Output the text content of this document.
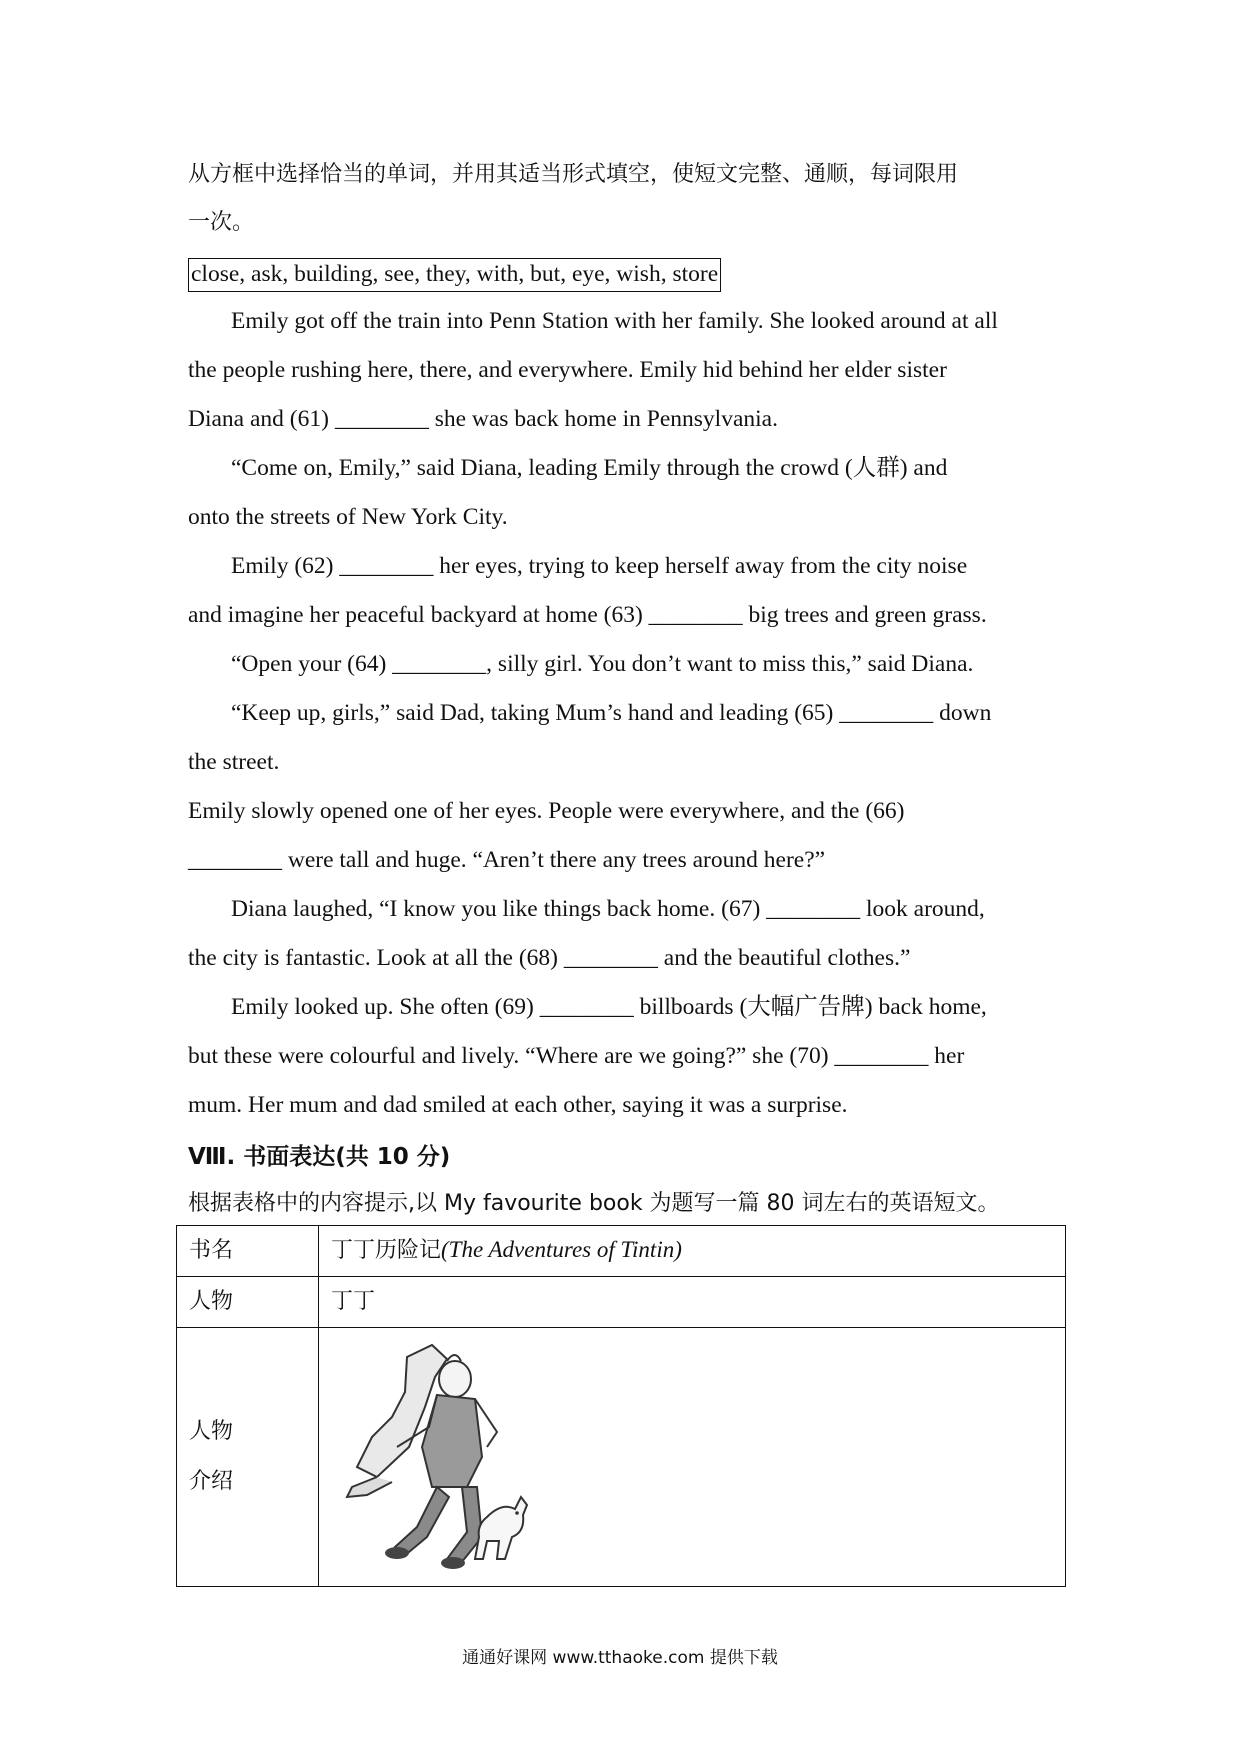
从方框中选择恰当的单词，并用其适当形式填空，使短文完整、通顺，每词限用
一次。
close, ask, building, see, they, with, but, eye, wish, store
Emily got off the train into Penn Station with her family. She looked around at all
the people rushing here, there, and everywhere. Emily hid behind her elder sister
Diana and (61) ________ she was back home in Pennsylvania.
“Come on, Emily,” said Diana, leading Emily through the crowd (人群) and
onto the streets of New York City.
Emily (62) ________ her eyes, trying to keep herself away from the city noise
and imagine her peaceful backyard at home (63) ________ big trees and green grass.
“Open your (64) ________, silly girl. You don’t want to miss this,” said Diana.
“Keep up, girls,” said Dad, taking Mum’s hand and leading (65) ________ down
the street.
Emily slowly opened one of her eyes. People were everywhere, and the (66)
________ were tall and huge. “Aren’t there any trees around here?”
Diana laughed, “I know you like things back home. (67) ________ look around,
the city is fantastic. Look at all the (68) ________ and the beautiful clothes.”
Emily looked up. She often (69) ________ billboards (大幅广告牌) back home,
but these were colourful and lively. “Where are we going?” she (70) ________ her
mum. Her mum and dad smiled at each other, saying it was a surprise.
Ⅷ. 书面表达(共 10 分)
根据表格中的内容提示,以 My favourite book 为题写一篇 80 词左右的英语短文。
书名	丁丁历险记(The Adventures of Tintin)
人物	丁丁

人物
介绍

通通好课网 www.tthaoke.com 提供下载
